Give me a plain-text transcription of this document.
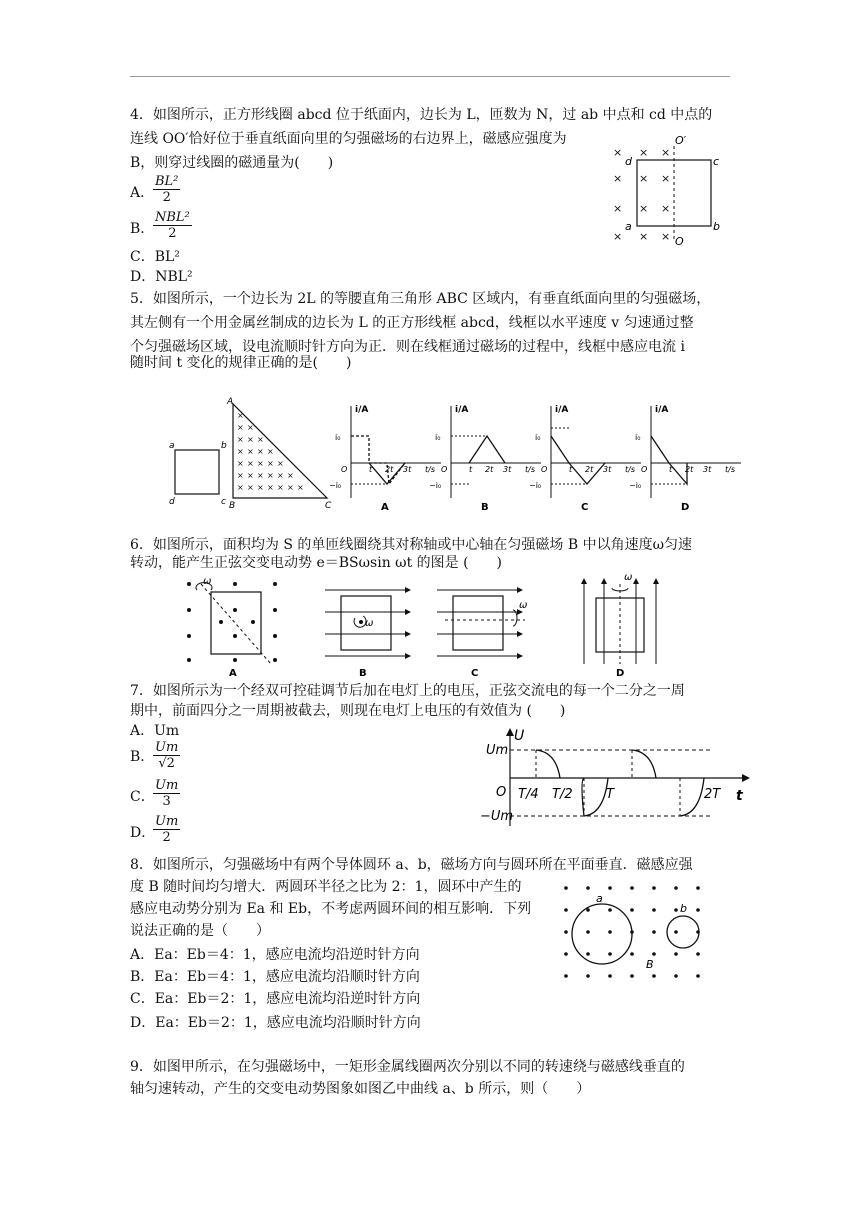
4．如图所示，正方形线圈 abcd 位于纸面内，边长为 L，匝数为 N，过 ab 中点和 cd 中点的
连线 OO′恰好位于垂直纸面向里的匀强磁场的右边界上，磁感应强度为
B，则穿过线圈的磁通量为(　　)
A．
$\frac{\text{BL²}}{2}$
B．
NBL²
2
C．BL²
D．NBL²
× × ×
× × ×
× × ×
× × ×
d	c
a	b
O′
O
5．如图所示，一个边长为 2L 的等腰直角三角形 ABC 区域内，有垂直纸面向里的匀强磁场，
其左侧有一个用金属丝制成的边长为 L 的正方形线框 abcd，线框以水平速度 v 匀速通过整
个匀强磁场区域，设电流顺时针方向为正．则在线框通过磁场的过程中，线框中感应电流 i
随时间 t 变化的规律正确的是(　　)
a	b
d	c
×
× ×
× × ×
× × × ×
× × × × ×
× × × × × ×
× × × × × × ×
A
B	C
i/A
i₀
−i₀
O	t 2t 3t t/s
A
i/A
i₀
−i₀
O	t 2t 3t t/s
B
i/A
i₀
−i₀
O	t 2t 3t t/s
C
i/A
i₀
−i₀
O	t 2t 3t t/s
D
6．如图所示，面积均为 S 的单匝线圈绕其对称轴或中心轴在匀强磁场 B 中以角速度ω匀速
转动，能产生正弦交变电动势 e＝BSωsin ωt 的图是 (　　)
ω
A
ω
B
ω
C
ω
D
7．如图所示为一个经双可控硅调节后加在电灯上的电压，正弦交流电的每一个二分之一周
期中，前面四分之一周期被截去，则现在电灯上电压的有效值为 (　　)
A．Um
B．
$\frac{Um}{√2}$
C．
$\frac{Um}{3}$
D．
$\frac{Um}{2}$
U
Um
−Um
O T/4 T/2	T	2T t
8．如图所示，匀强磁场中有两个导体圆环 a、b，磁场方向与圆环所在平面垂直．磁感应强
度 B 随时间均匀增大．两圆环半径之比为 2：1，圆环中产生的
感应电动势分别为 Ea 和 Eb，不考虑两圆环间的相互影响．下列
说法正确的是（　　）
A．Ea：Eb＝4：1，感应电流均沿逆时针方向
B．Ea：Eb＝4：1，感应电流均沿顺时针方向
C．Ea：Eb＝2：1，感应电流均沿逆时针方向
D．Ea：Eb＝2：1，感应电流均沿顺时针方向
a
b
B
9．如图甲所示，在匀强磁场中，一矩形金属线圈两次分别以不同的转速绕与磁感线垂直的
轴匀速转动，产生的交变电动势图象如图乙中曲线 a、b 所示，则（　　）
